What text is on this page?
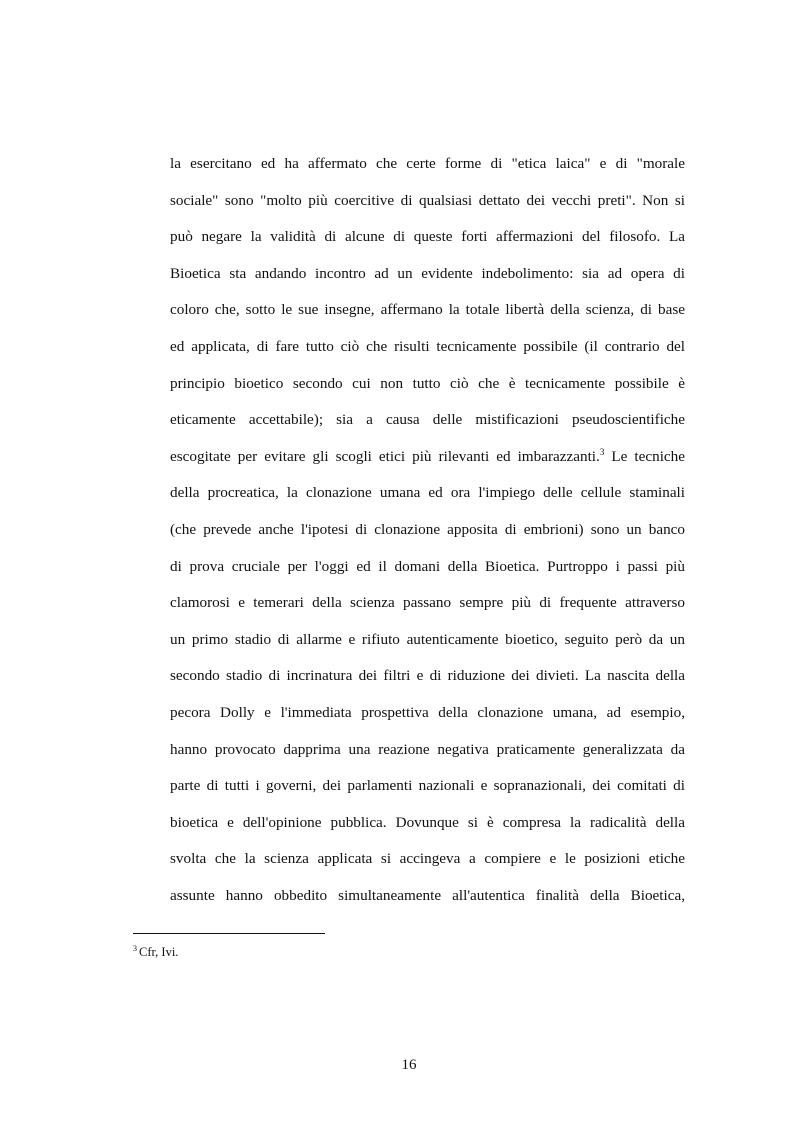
la esercitano ed ha affermato che certe forme di "etica laica" e di "morale
sociale" sono "molto più coercitive di qualsiasi dettato dei vecchi preti". Non si
può negare la validità di alcune di queste forti affermazioni del filosofo. La
Bioetica sta andando incontro ad un evidente indebolimento: sia ad opera di
coloro che, sotto le sue insegne, affermano la totale libertà della scienza, di base
ed applicata, di fare tutto ciò che risulti tecnicamente possibile (il contrario del
principio bioetico secondo cui non tutto ciò che è tecnicamente possibile è
eticamente accettabile); sia a causa delle mistificazioni pseudoscientifiche
escogitate per evitare gli scogli etici più rilevanti ed imbarazzanti.$^3$ Le tecniche
della procreatica, la clonazione umana ed ora l'impiego delle cellule staminali
(che prevede anche l'ipotesi di clonazione apposita di embrioni) sono un banco
di prova cruciale per l'oggi ed il domani della Bioetica. Purtroppo i passi più
clamorosi e temerari della scienza passano sempre più di frequente attraverso
un primo stadio di allarme e rifiuto autenticamente bioetico, seguito però da un
secondo stadio di incrinatura dei filtri e di riduzione dei divieti. La nascita della
pecora Dolly e l'immediata prospettiva della clonazione umana, ad esempio,
hanno provocato dapprima una reazione negativa praticamente generalizzata da
parte di tutti i governi, dei parlamenti nazionali e sopranazionali, dei comitati di
bioetica e dell'opinione pubblica. Dovunque si è compresa la radicalità della
svolta che la scienza applicata si accingeva a compiere e le posizioni etiche
assunte hanno obbedito simultaneamente all'autentica finalità della Bioetica,
$^3$ Cfr, Ivi.
16
